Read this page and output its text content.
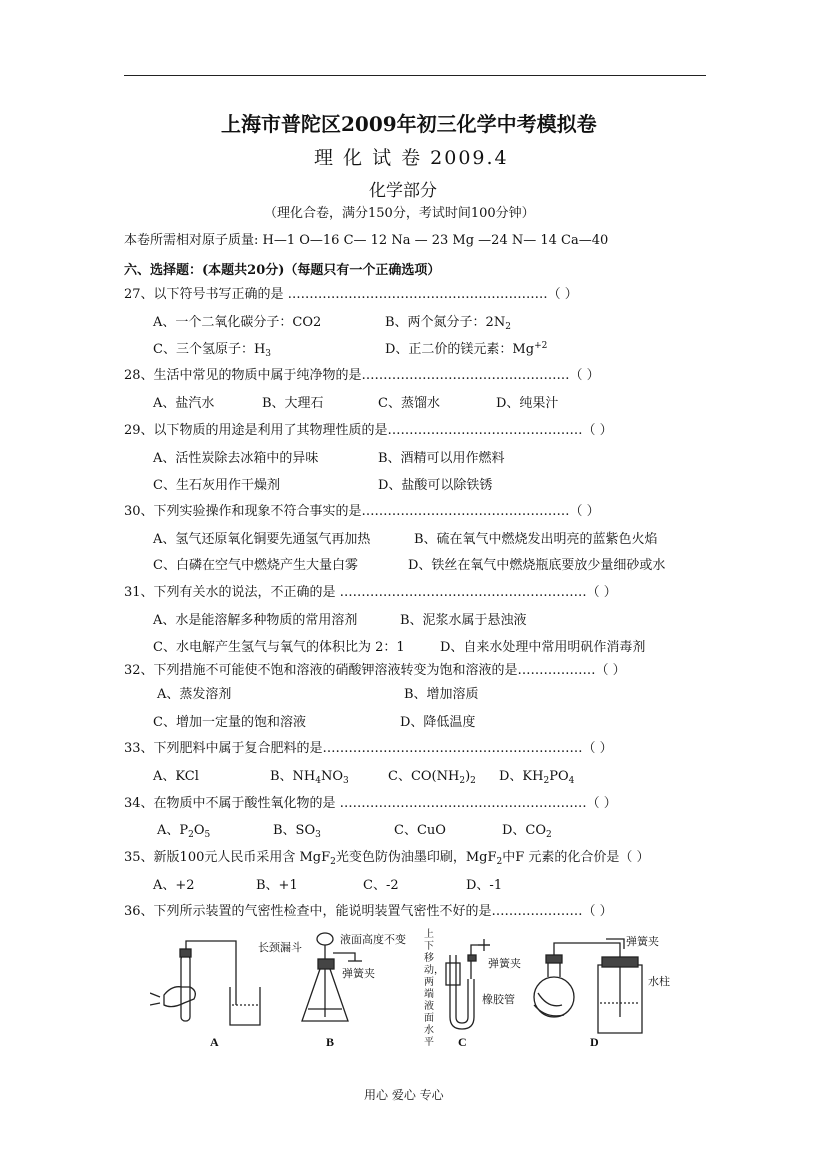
上海市普陀区2009年初三化学中考模拟卷
理 化 试 卷 2009.4
化学部分
（理化合卷，满分150分，考试时间100分钟）
本卷所需相对原子质量: H—1 O—16 C— 12 Na — 23 Mg —24 N— 14 Ca—40
六、选择题：(本题共20分)（每题只有一个正确选项）
27、以下符号书写正确的是 ……………………………………………………（ ）
A、一个二氧化碳分子：CO2	B、两个氮分子：$2N_2$
C、三个氢原子：$H_3$	D、正二价的镁元素：$Mg^{+2}$
28、生活中常见的物质中属于纯净物的是…………………………………………（ ）
A、盐汽水	B、大理石	C、蒸馏水	D、纯果汁
29、以下物质的用途是利用了其物理性质的是………………………………………（ ）
A、活性炭除去冰箱中的异味	B、酒精可以用作燃料
C、生石灰用作干燥剂	D、盐酸可以除铁锈
30、下列实验操作和现象不符合事实的是…………………………………………（ ）
A、氢气还原氧化铜要先通氢气再加热	B、硫在氧气中燃烧发出明亮的蓝紫色火焰
C、白磷在空气中燃烧产生大量白雾	D、铁丝在氧气中燃烧瓶底要放少量细砂或水
31、下列有关水的说法，不正确的是 …………………………………………………（ ）
A、水是能溶解多种物质的常用溶剂	B、泥浆水属于悬浊液
C、水电解产生氢气与氧气的体积比为 2：1	D、自来水处理中常用明矾作消毒剂
32、下列措施不可能使不饱和溶液的硝酸钾溶液转变为饱和溶液的是………………（ ）
A、蒸发溶剂	B、增加溶质
C、增加一定量的饱和溶液	D、降低温度
33、下列肥料中属于复合肥料的是……………………………………………………（ ）
A、KCl	B、$NH_4NO_3$	C、$CO(NH_2)_2$ D、$KH_2PO_4$
34、在物质中不属于酸性氧化物的是 …………………………………………………（ ）
A、$P_2O_5$	B、$SO_3$	C、CuO	D、$CO_2$
35、新版100元人民币采用含 MgF$_2$光变色防伪油墨印刷，MgF$_2$中F 元素的化合价是（ ）
A、+2	B、+1	C、-2	D、-1
36、下列所示装置的气密性检查中，能说明装置气密性不好的是…………………（ ）
长颈漏斗
液面高度不变
弹簧夹
上下移动，两端液面水平
弹簧夹
橡胶管
弹簧夹
水柱
A	B	C	D
用心 爱心 专心
